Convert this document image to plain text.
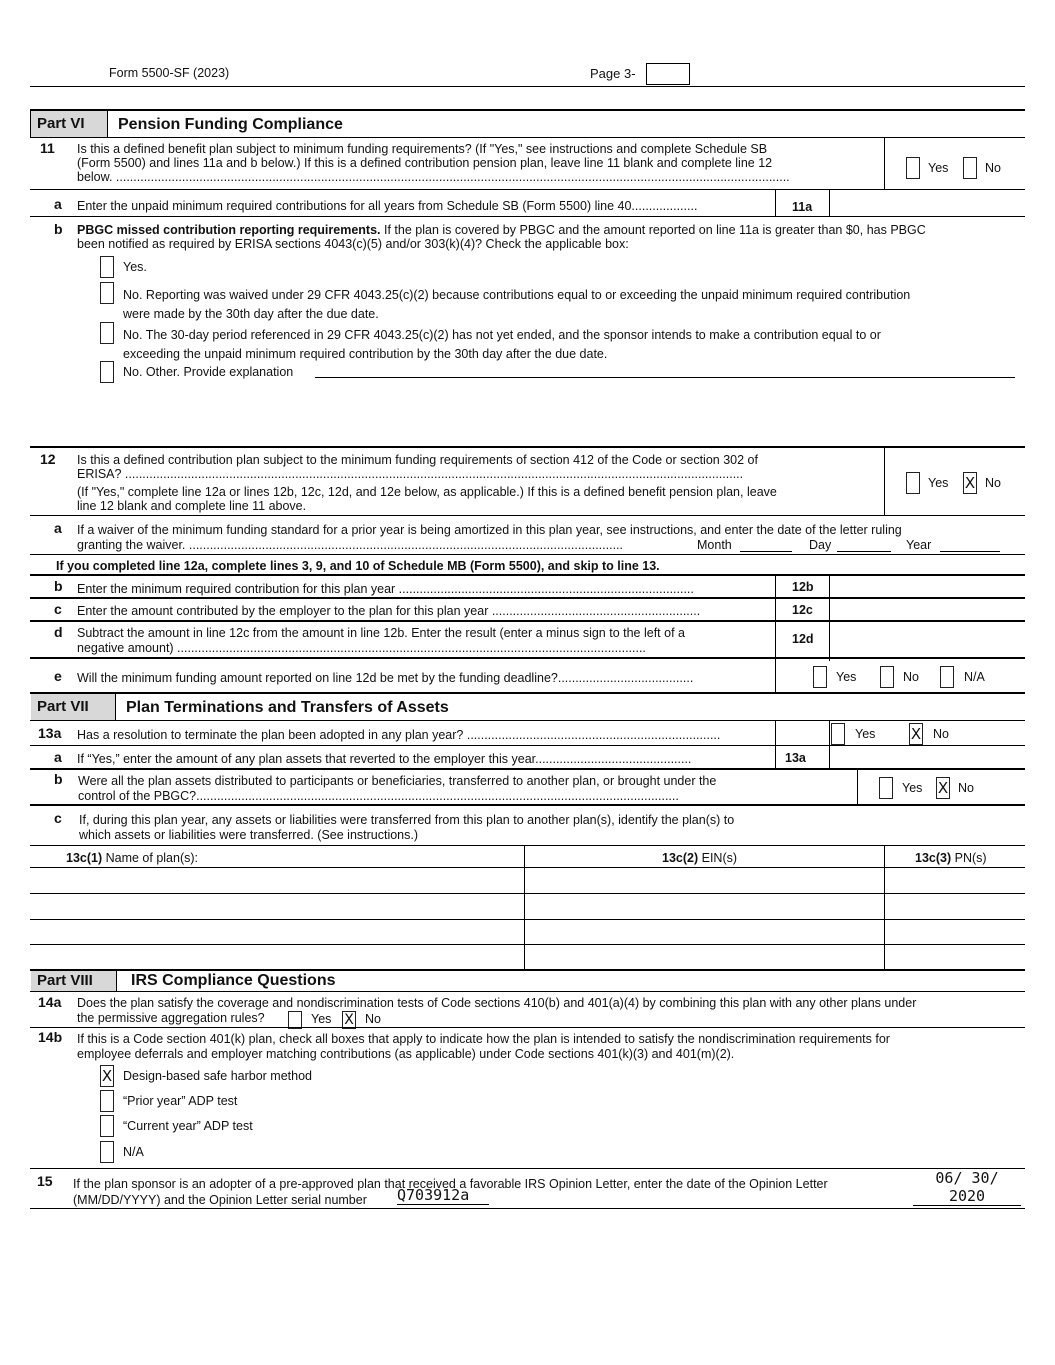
Form 5500-SF (2023)	Page 3-
Part VI	Pension Funding Compliance
11 Is this a defined benefit plan subject to minimum funding requirements? (If "Yes," see instructions and complete Schedule SB
(Form 5500) and lines 11a and b below.) If this is a defined contribution pension plan, leave line 11 blank and complete line 12
below. ..................................................................................................................................................................................................
Yes	No
a Enter the unpaid minimum required contributions for all years from Schedule SB (Form 5500) line 40...................	11a
b PBGC missed contribution reporting requirements. If the plan is covered by PBGC and the amount reported on line 11a is greater than $0, has PBGC
been notified as required by ERISA sections 4043(c)(5) and/or 303(k)(4)? Check the applicable box:
Yes.
No. Reporting was waived under 29 CFR 4043.25(c)(2) because contributions equal to or exceeding the unpaid minimum required contribution
were made by the 30th day after the due date.
No. The 30-day period referenced in 29 CFR 4043.25(c)(2) has not yet ended, and the sponsor intends to make a contribution equal to or
exceeding the unpaid minimum required contribution by the 30th day after the due date.
No. Other. Provide explanation
12 Is this a defined contribution plan subject to the minimum funding requirements of section 412 of the Code or section 302 of
ERISA? ..................................................................................................................................................................................
(If "Yes," complete line 12a or lines 12b, 12c, 12d, and 12e below, as applicable.) If this is a defined benefit pension plan, leave
line 12 blank and complete line 11 above.
Yes X No
a If a waiver of the minimum funding standard for a prior year is being amortized in this plan year, see instructions, and enter the date of the letter ruling
granting the waiver. .............................................................................................................................	Month	Day	Year
If you completed line 12a, complete lines 3, 9, and 10 of Schedule MB (Form 5500), and skip to line 13.
b Enter the minimum required contribution for this plan year .....................................................................................	12b
c Enter the amount contributed by the employer to the plan for this plan year ............................................................	12c
d Subtract the amount in line 12c from the amount in line 12b. Enter the result (enter a minus sign to the left of a
negative amount) .......................................................................................................................................
12d
e Will the minimum funding amount reported on line 12d be met by the funding deadline?.......................................	Yes	No	N/A
Part VII	Plan Terminations and Transfers of Assets
13a Has a resolution to terminate the plan been adopted in any plan year? .........................................................................	Yes X No
a If “Yes,” enter the amount of any plan assets that reverted to the employer this year.............................................	13a
b Were all the plan assets distributed to participants or beneficiaries, transferred to another plan, or brought under the
control of the PBGC?...........................................................................................................................................
Yes X No
c If, during this plan year, any assets or liabilities were transferred from this plan to another plan(s), identify the plan(s) to
which assets or liabilities were transferred. (See instructions.)
13c(1) Name of plan(s):	13c(2) EIN(s)	13c(3) PN(s)
Part VIII	IRS Compliance Questions
14a Does the plan satisfy the coverage and nondiscrimination tests of Code sections 410(b) and 401(a)(4) by combining this plan with any other plans under
the permissive aggregation rules?	Yes X No
14b If this is a Code section 401(k) plan, check all boxes that apply to indicate how the plan is intended to satisfy the nondiscrimination requirements for
employee deferrals and employer matching contributions (as applicable) under Code sections 401(k)(3) and 401(m)(2).
X Design-based safe harbor method
“Prior year” ADP test
“Current year” ADP test
N/A
15 If the plan sponsor is an adopter of a pre-approved plan that received a favorable IRS Opinion Letter, enter the date of the Opinion Letter
(MM/DD/YYYY) and the Opinion Letter serial number
06/ 30/ 2020
Q703912a
